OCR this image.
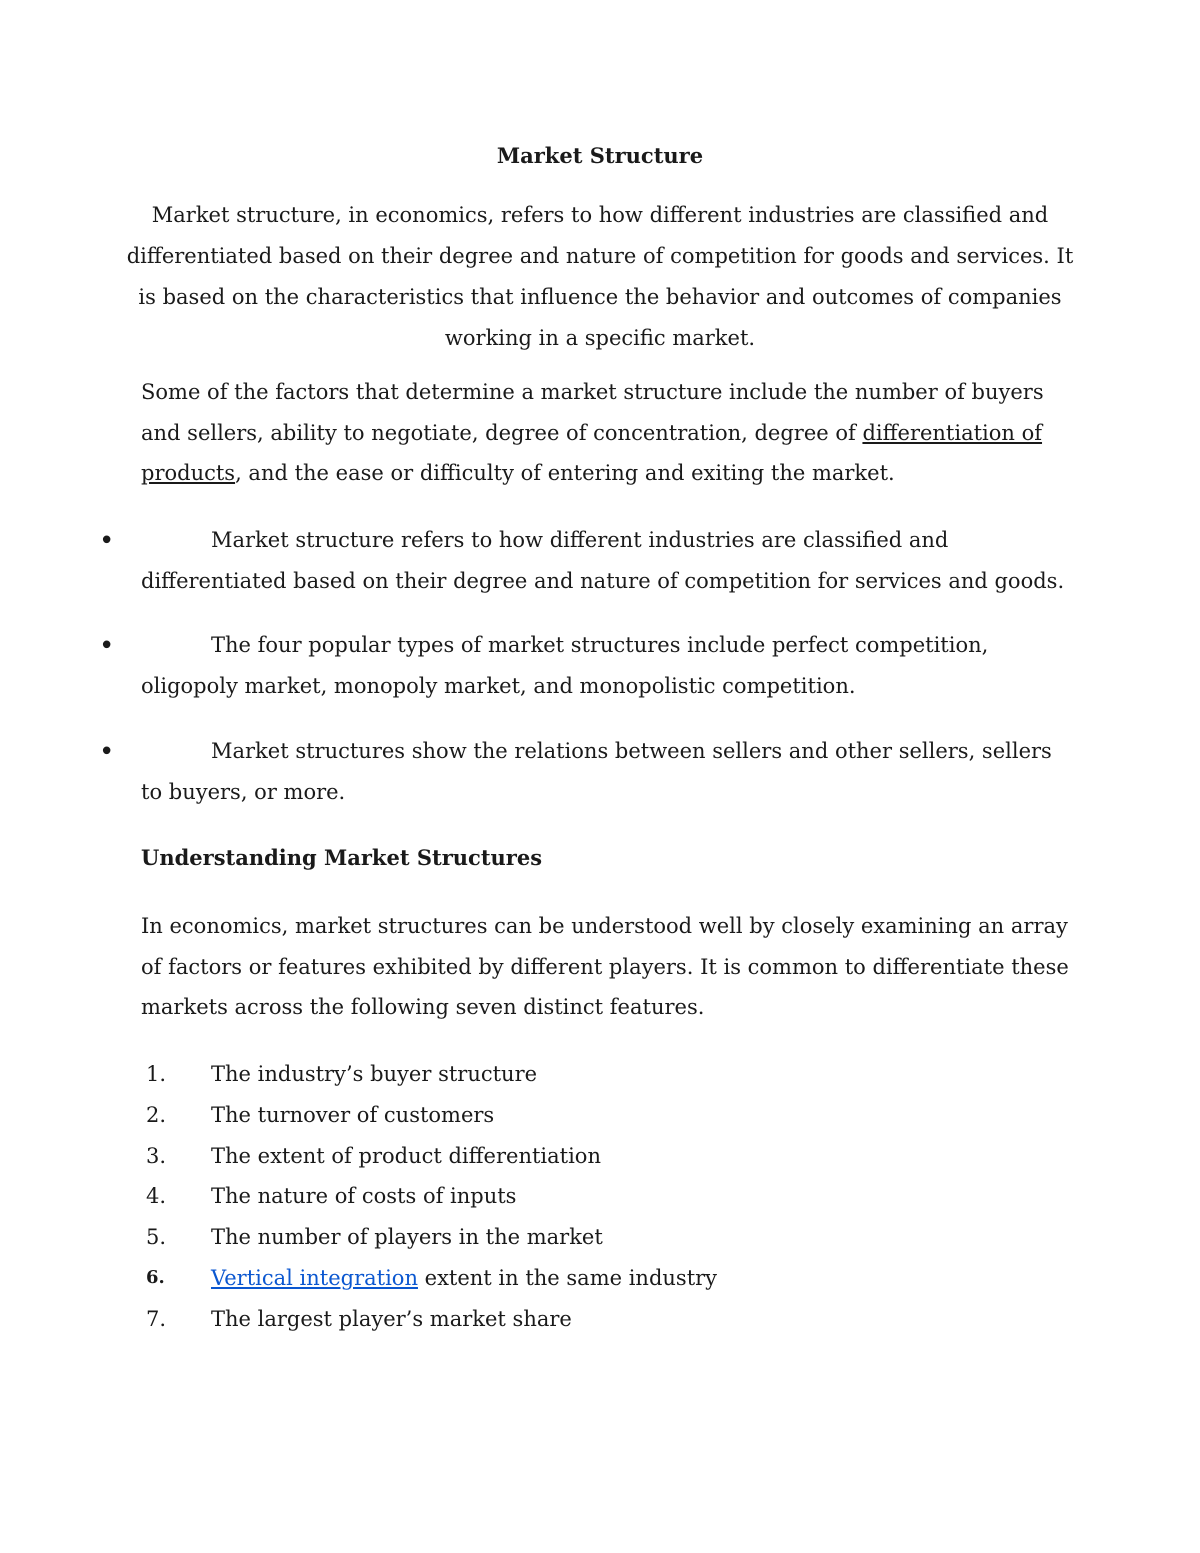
Market Structure

Market structure, in economics, refers to how different industries are classified and differentiated based on their degree and nature of competition for goods and services. It is based on the characteristics that influence the behavior and outcomes of companies working in a specific market.

Some of the factors that determine a market structure include the number of buyers and sellers, ability to negotiate, degree of concentration, degree of differentiation of products, and the ease or difficulty of entering and exiting the market.

•	Market structure refers to how different industries are classified and differentiated based on their degree and nature of competition for services and goods.

•	The four popular types of market structures include perfect competition, oligopoly market, monopoly market, and monopolistic competition.

•	Market structures show the relations between sellers and other sellers, sellers to buyers, or more.

Understanding Market Structures

In economics, market structures can be understood well by closely examining an array of factors or features exhibited by different players. It is common to differentiate these markets across the following seven distinct features.

1. The industry’s buyer structure
2. The turnover of customers
3. The extent of product differentiation
4. The nature of costs of inputs
5. The number of players in the market
6. Vertical integration extent in the same industry
7. The largest player’s market share
